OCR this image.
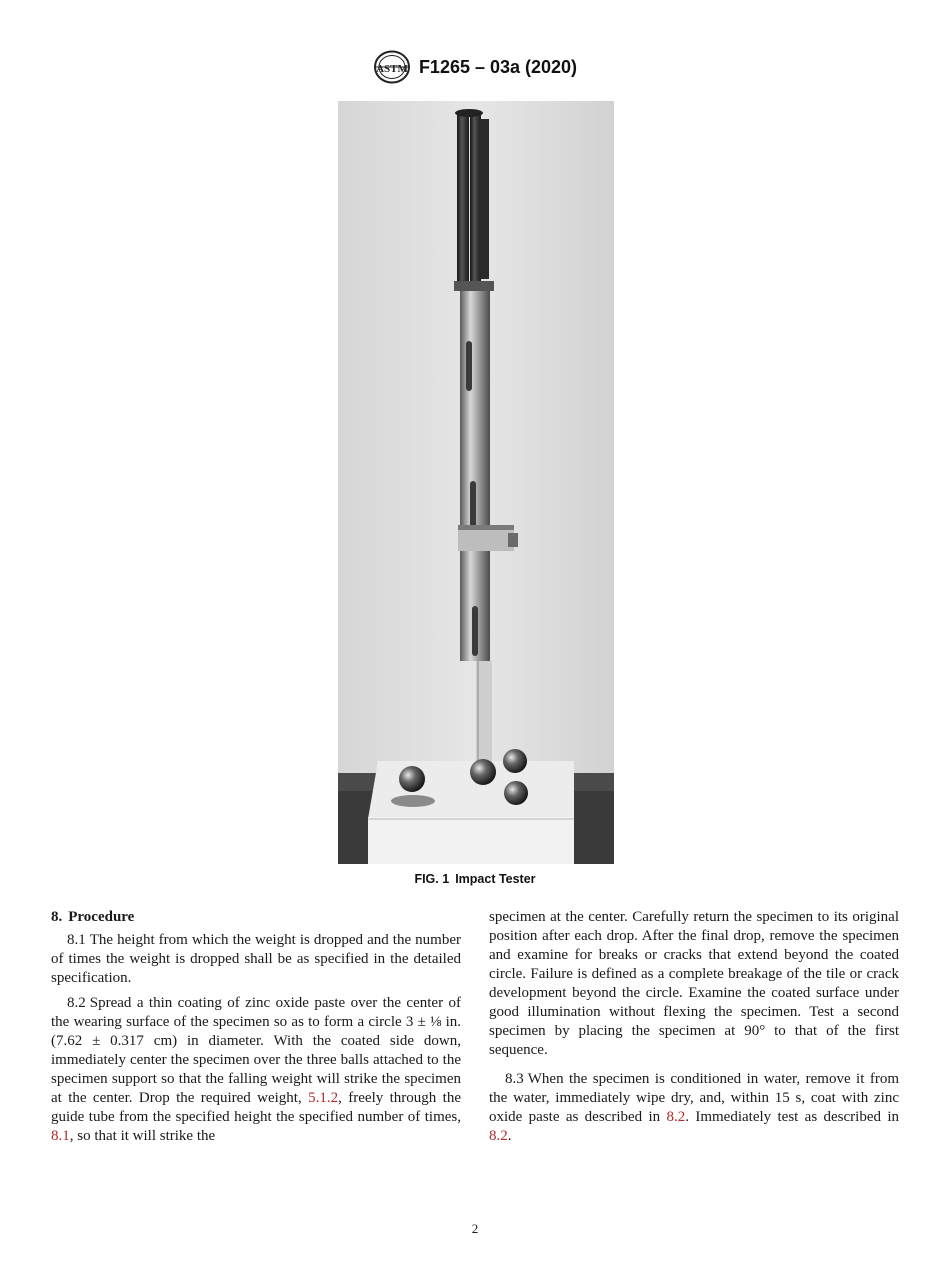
ASTM F1265 – 03a (2020)
FIG. 1 Impact Tester
8. Procedure

8.1 The height from which the weight is dropped and the number of times the weight is dropped shall be as specified in the detailed specification.

8.2 Spread a thin coating of zinc oxide paste over the center of the wearing surface of the specimen so as to form a circle 3 ± ⅛ in. (7.62 ± 0.317 cm) in diameter. With the coated side down, immediately center the specimen over the three balls attached to the specimen support so that the falling weight will strike the specimen at the center. Drop the required weight, 5.1.2, freely through the guide tube from the specified height the specified number of times, 8.1, so that it will strike the

specimen at the center. Carefully return the specimen to its original position after each drop. After the final drop, remove the specimen and examine for breaks or cracks that extend beyond the coated circle. Failure is defined as a complete breakage of the tile or crack development beyond the circle. Examine the coated surface under good illumination without flexing the specimen. Test a second specimen by placing the specimen at 90° to that of the first sequence.

8.3 When the specimen is conditioned in water, remove it from the water, immediately wipe dry, and, within 15 s, coat with zinc oxide paste as described in 8.2. Immediately test as described in 8.2.

2
